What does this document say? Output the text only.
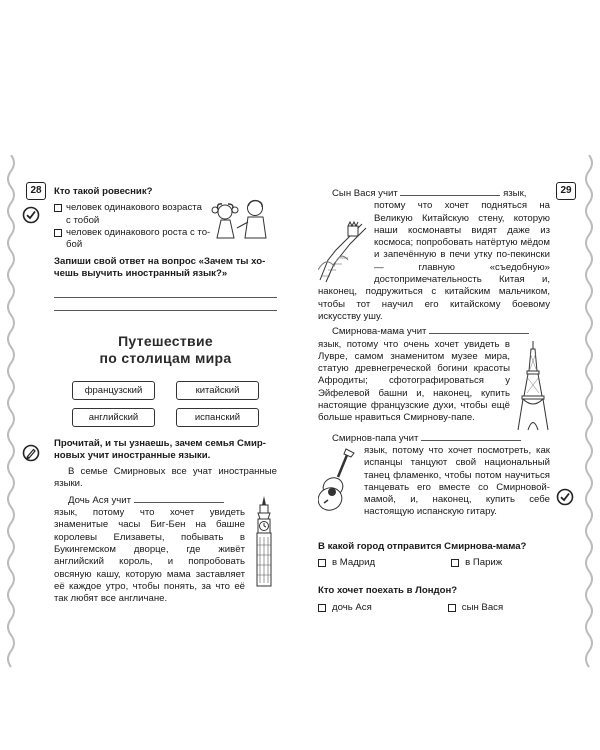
28	29

Кто такой ровесник?

человек одинакового возраста
с тобой
человек одинакового роста с то-
бой

Запиши свой ответ на вопрос «Зачем ты хо-

чешь выучить иностранный язык?»

Путешествие
по столицам мира
французский	китайский
английский	испанский

Прочитай, и ты узнаешь, зачем семья Смир-

новых учит иностранные языки.

В семье Смирновых все учат иностранные языки.

Дочь Ася учит

язык, потому что хочет увидеть знаменитые часы Биг-Бен на башне королевы Елизаветы, побывать в Букингемском дворце, где живёт английский король, и попробовать овсяную кашу, которую мама заставляет её каждое утро, чтобы понять, за что её так любят все англичане.

Сын Вася учит	язык,

потому что хочет подняться на Великую Китайскую стену, которую наши космонавты видят даже из космоса; попробовать натёртую мёдом и запечённую в печи утку по-пекински — главную «съедобную» достопримечательность Китая и, наконец, подружиться с китайским мальчиком, чтобы тот научил его китайскому боевому искусству ушу.

Смирнова-мама учит

язык, потому что очень хочет увидеть в Лувре, самом знаменитом музее мира, статую древнегреческой богини красоты Афродиты; сфотографироваться у Эйфелевой башни и, наконец, купить настоящие французские духи, чтобы ещё больше нравиться Смирнову-папе.

Смирнов-папа учит

язык, потому что хочет посмотреть, как испанцы танцуют свой национальный танец фламенко, чтобы потом научиться танцевать его вместе со Смирновой-мамой, и, наконец, купить себе настоящую испанскую гитару.

В какой город отправится Смирнова-мама?

в Мадрид	в Париж

Кто хочет поехать в Лондон?

дочь Ася	сын Вася
